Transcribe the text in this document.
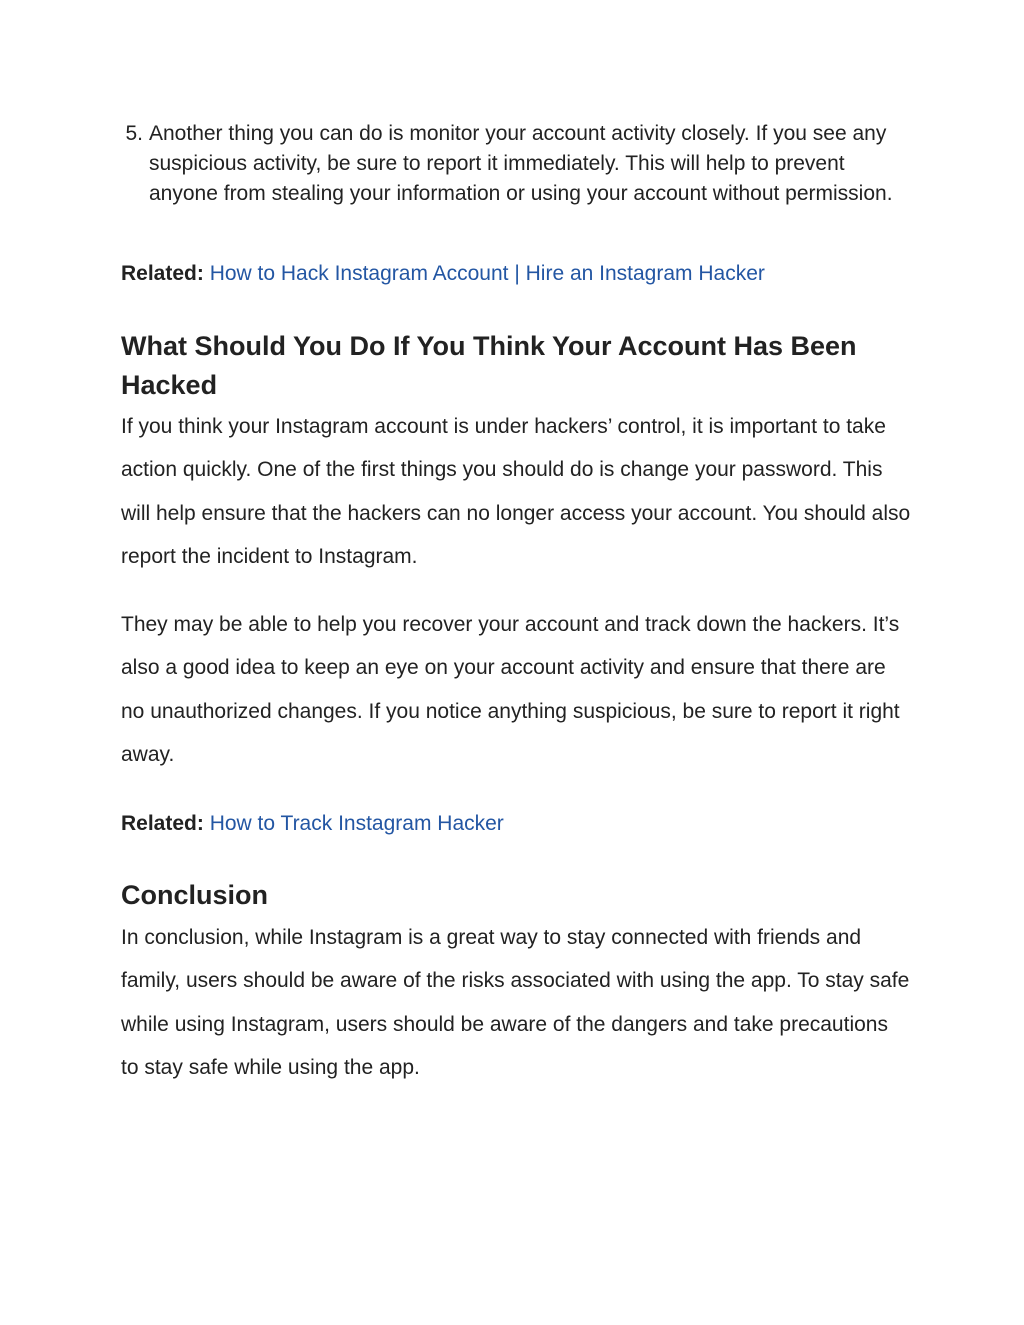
5. Another thing you can do is monitor your account activity closely. If you see any suspicious activity, be sure to report it immediately. This will help to prevent anyone from stealing your information or using your account without permission.
Related: How to Hack Instagram Account | Hire an Instagram Hacker
What Should You Do If You Think Your Account Has Been Hacked

If you think your Instagram account is under hackers’ control, it is important to take action quickly. One of the first things you should do is change your password. This will help ensure that the hackers can no longer access your account. You should also report the incident to Instagram.

They may be able to help you recover your account and track down the hackers. It’s also a good idea to keep an eye on your account activity and ensure that there are no unauthorized changes. If you notice anything suspicious, be sure to report it right away.

Related: How to Track Instagram Hacker
Conclusion

In conclusion, while Instagram is a great way to stay connected with friends and family, users should be aware of the risks associated with using the app. To stay safe while using Instagram, users should be aware of the dangers and take precautions to stay safe while using the app.
